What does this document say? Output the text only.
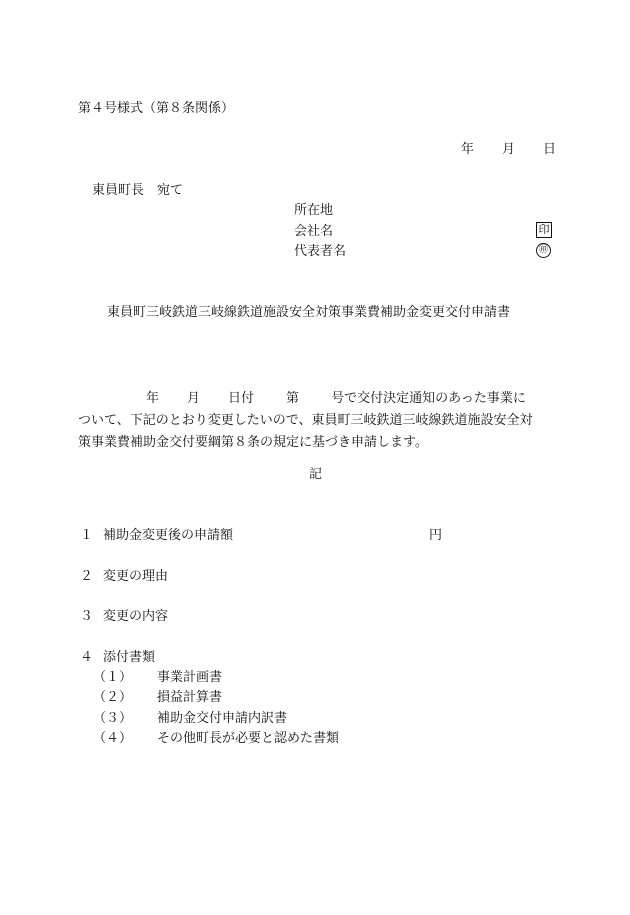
第４号様式（第８条関係）
年 月 日
東員町長　宛て
所在地
会社名	印
代表者名	㊞
東員町三岐鉄道三岐線鉄道施設安全対策事業費補助金変更交付申請書
年 月 日付 第 号で交付決定通知のあった事業に
ついて、下記のとおり変更したいので、東員町三岐鉄道三岐線鉄道施設安全対
策事業費補助金交付要綱第８条の規定に基づき申請します。
記
１ 補助金変更後の申請額	円
２ 変更の理由
３ 変更の内容
４ 添付書類
（１） 事業計画書
（２） 損益計算書
（３） 補助金交付申請内訳書
（４） その他町長が必要と認めた書類
